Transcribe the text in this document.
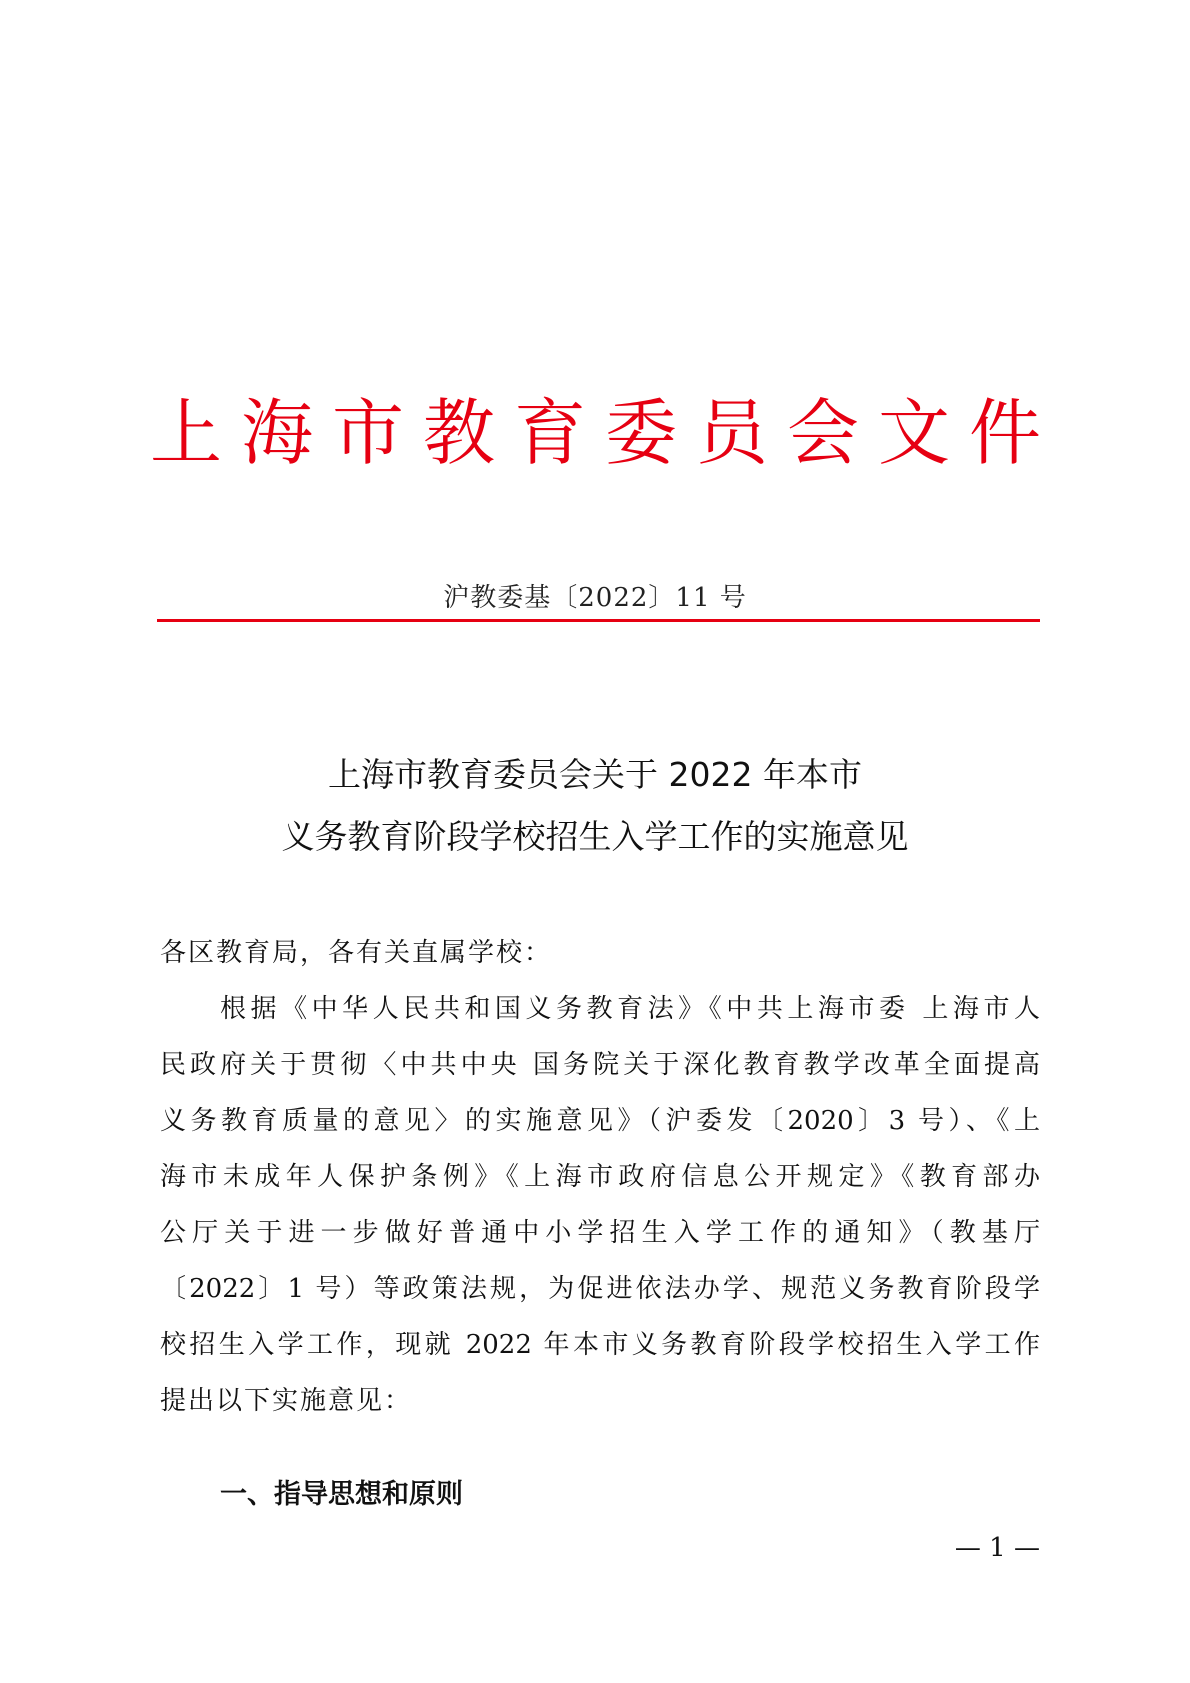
上海市教育委员会文件
沪教委基〔2022〕11 号
上海市教育委员会关于 2022 年本市
义务教育阶段学校招生入学工作的实施意见
各区教育局，各有关直属学校：
根据《中华人民共和国义务教育法》《中共上海市委 上海市人
民政府关于贯彻〈中共中央 国务院关于深化教育教学改革全面提高
义务教育质量的意见〉的实施意见》（沪委发〔2020〕3 号）、《上
海市未成年人保护条例》《上海市政府信息公开规定》《教育部办
公厅关于进一步做好普通中小学招生入学工作的通知》（教基厅
〔2022〕1 号）等政策法规，为促进依法办学、规范义务教育阶段学
校招生入学工作，现就 2022 年本市义务教育阶段学校招生入学工作
提出以下实施意见：
一、指导思想和原则
— 1 —
